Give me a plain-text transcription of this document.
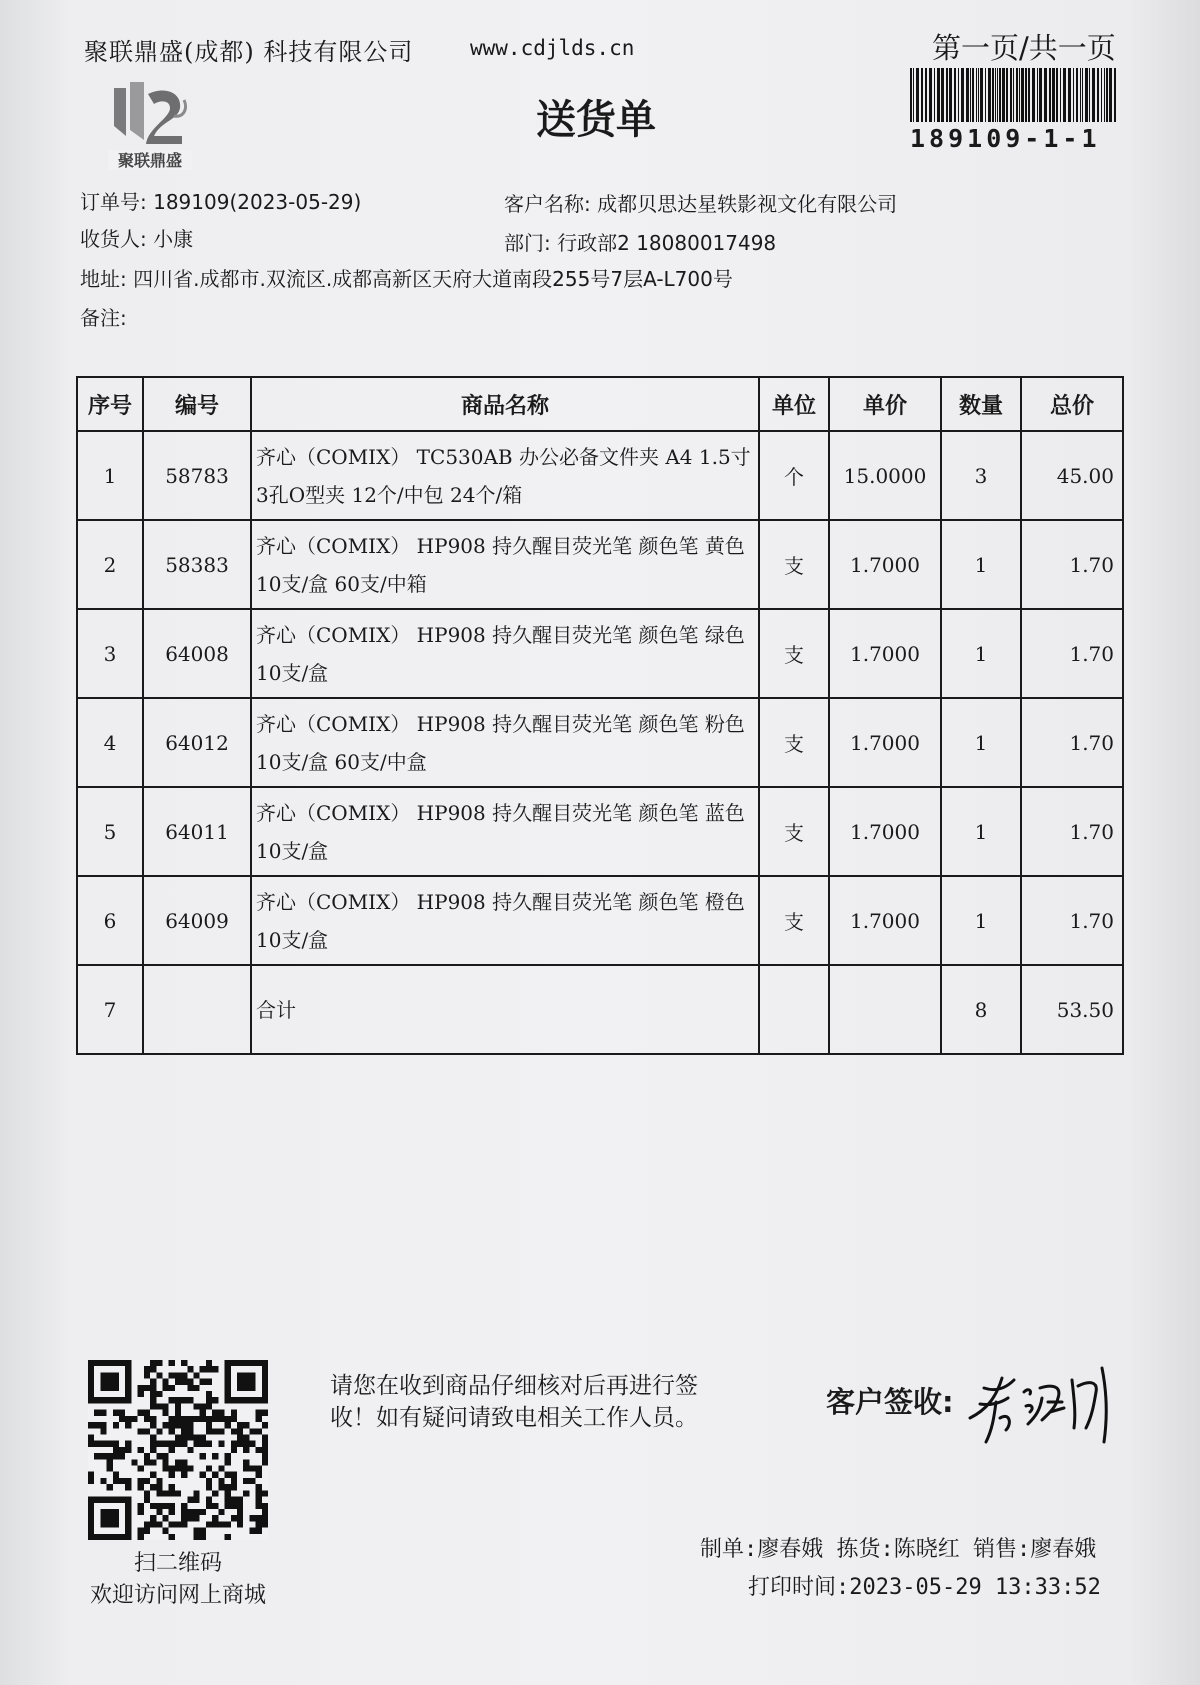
聚联鼎盛(成都) 科技有限公司	www.cdjlds.cn	第一页/共一页
189109-1-1
聚联鼎盛
送货单
订单号: 189109(2023-05-29)	客户名称: 成都贝思达星轶影视文化有限公司
收货人: 小康	部门: 行政部2 18080017498
地址: 四川省.成都市.双流区.成都高新区天府大道南段255号7层A-L700号
备注:
序号	编号	商品名称	单位	单价	数量	总价
1	58783	齐心（COMIX） TC530AB 办公必备文件夹 A4 1.5寸3孔O型夹 12个/中包 24个/箱	个	15.0000	3	45.00
2	58383	齐心（COMIX） HP908 持久醒目荧光笔 颜色笔 黄色 10支/盒 60支/中箱	支	1.7000	1	1.70
3	64008	齐心（COMIX） HP908 持久醒目荧光笔 颜色笔 绿色 10支/盒	支	1.7000	1	1.70
4	64012	齐心（COMIX） HP908 持久醒目荧光笔 颜色笔 粉色 10支/盒 60支/中盒	支	1.7000	1	1.70
5	64011	齐心（COMIX） HP908 持久醒目荧光笔 颜色笔 蓝色 10支/盒	支	1.7000	1	1.70
6	64009	齐心（COMIX） HP908 持久醒目荧光笔 颜色笔 橙色 10支/盒	支	1.7000	1	1.70
7		合计			8	53.50
扫二维码
欢迎访问网上商城
请您在收到商品仔细核对后再进行签
收！如有疑问请致电相关工作人员。	客户签收:
制单:廖春娥 拣货:陈晓红 销售:廖春娥
打印时间:2023-05-29 13:33:52
